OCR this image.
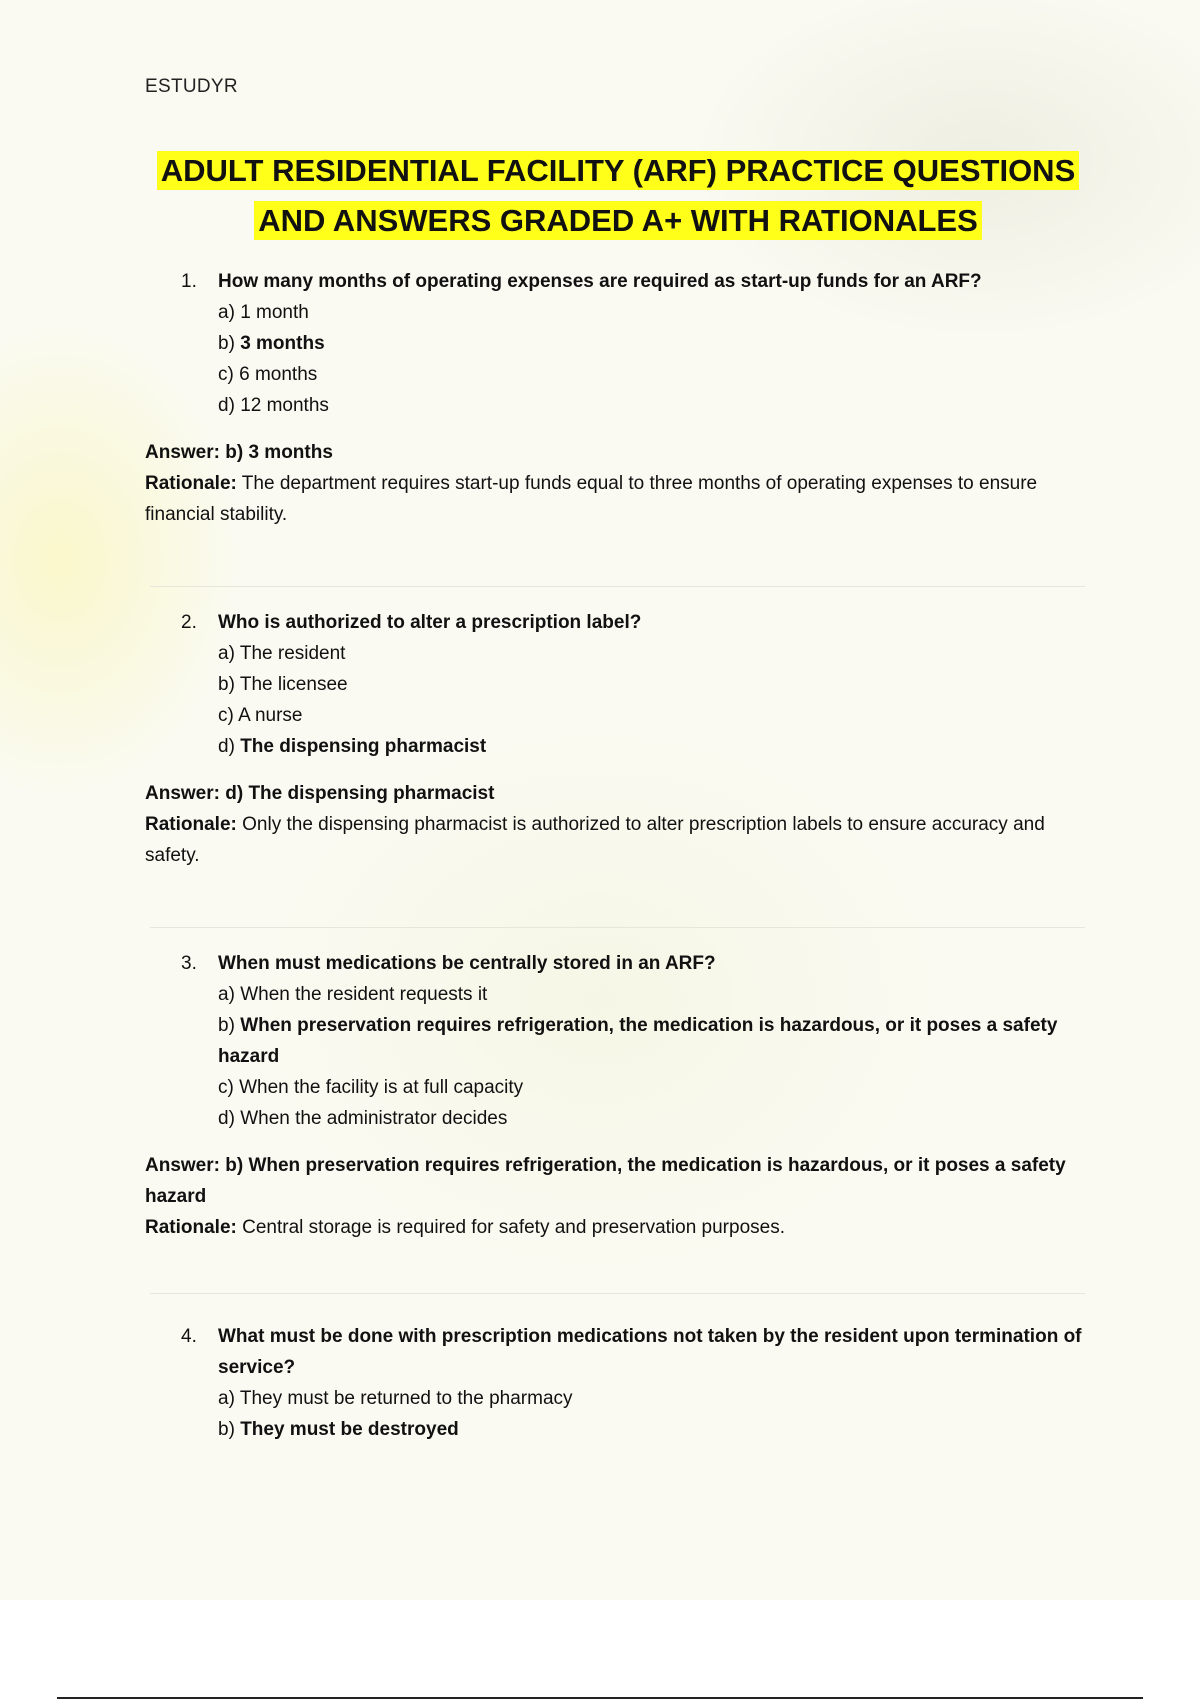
ESTUDYR
ADULT RESIDENTIAL FACILITY (ARF) PRACTICE QUESTIONS
AND ANSWERS GRADED A+ WITH RATIONALES
1. How many months of operating expenses are required as start-up funds for an ARF?
a) 1 month
b) 3 months
c) 6 months
d) 12 months
Answer: b) 3 months
Rationale: The department requires start-up funds equal to three months of operating expenses to ensure financial stability.
2. Who is authorized to alter a prescription label?
a) The resident
b) The licensee
c) A nurse
d) The dispensing pharmacist
Answer: d) The dispensing pharmacist
Rationale: Only the dispensing pharmacist is authorized to alter prescription labels to ensure accuracy and safety.
3. When must medications be centrally stored in an ARF?
a) When the resident requests it
b) When preservation requires refrigeration, the medication is hazardous, or it poses a safety hazard
c) When the facility is at full capacity
d) When the administrator decides
Answer: b) When preservation requires refrigeration, the medication is hazardous, or it poses a safety hazard
Rationale: Central storage is required for safety and preservation purposes.
4. What must be done with prescription medications not taken by the resident upon termination of service?
a) They must be returned to the pharmacy
b) They must be destroyed
